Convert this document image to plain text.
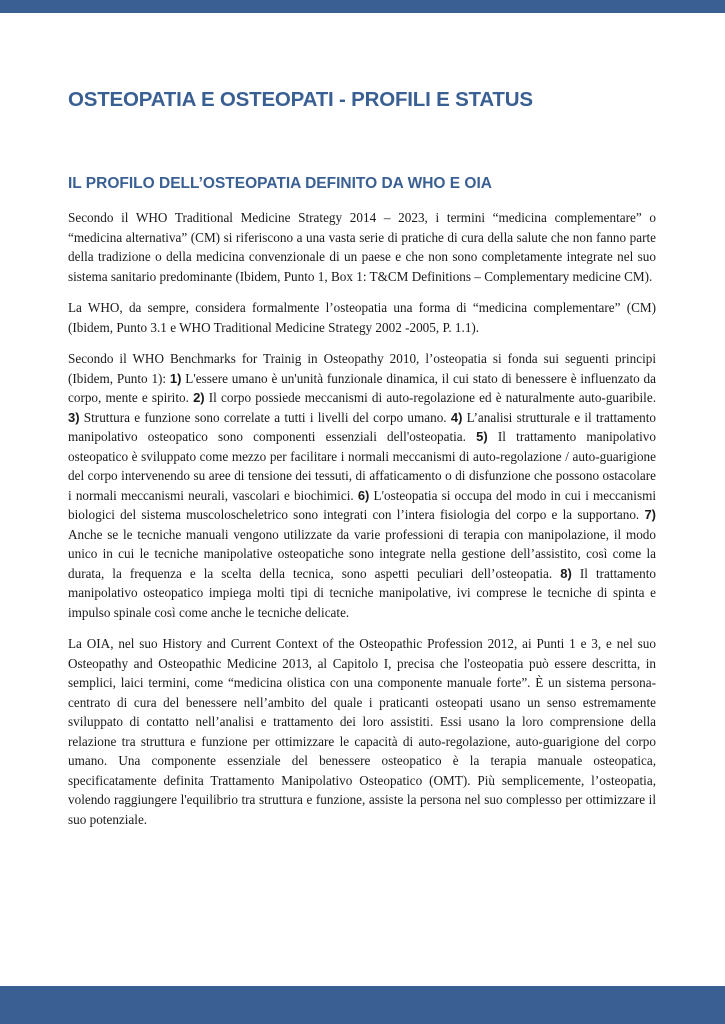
OSTEOPATIA E OSTEOPATI - PROFILI E STATUS
IL PROFILO DELL’OSTEOPATIA DEFINITO DA WHO E OIA

Secondo il WHO Traditional Medicine Strategy 2014 – 2023, i termini “medicina complementare” o “medicina alternativa” (CM) si riferiscono a una vasta serie di pratiche di cura della salute che non fanno parte della tradizione o della medicina convenzionale di un paese e che non sono completamente integrate nel suo sistema sanitario predominante (Ibidem, Punto 1, Box 1: T&CM Definitions – Complementary medicine CM).

La WHO, da sempre, considera formalmente l’osteopatia una forma di “medicina complementare” (CM) (Ibidem, Punto 3.1 e WHO Traditional Medicine Strategy 2002 -2005, P. 1.1).

Secondo il WHO Benchmarks for Trainig in Osteopathy 2010, l’osteopatia si fonda sui seguenti principi (Ibidem, Punto 1): 1) L'essere umano è un'unità funzionale dinamica, il cui stato di benessere è influenzato da corpo, mente e spirito. 2) Il corpo possiede meccanismi di auto-regolazione ed è naturalmente auto-guaribile. 3) Struttura e funzione sono correlate a tutti i livelli del corpo umano. 4) L’analisi strutturale e il trattamento manipolativo osteopatico sono componenti essenziali dell'osteopatia. 5) Il trattamento manipolativo osteopatico è sviluppato come mezzo per facilitare i normali meccanismi di auto-regolazione / auto-guarigione del corpo intervenendo su aree di tensione dei tessuti, di affaticamento o di disfunzione che possono ostacolare i normali meccanismi neurali, vascolari e biochimici. 6) L'osteopatia si occupa del modo in cui i meccanismi biologici del sistema muscoloscheletrico sono integrati con l’intera fisiologia del corpo e la supportano. 7) Anche se le tecniche manuali vengono utilizzate da varie professioni di terapia con manipolazione, il modo unico in cui le tecniche manipolative osteopatiche sono integrate nella gestione dell’assistito, così come la durata, la frequenza e la scelta della tecnica, sono aspetti peculiari dell’osteopatia. 8) Il trattamento manipolativo osteopatico impiega molti tipi di tecniche manipolative, ivi comprese le tecniche di spinta e impulso spinale così come anche le tecniche delicate.

La OIA, nel suo History and Current Context of the Osteopathic Profession 2012, ai Punti 1 e 3, e nel suo Osteopathy and Osteopathic Medicine 2013, al Capitolo I, precisa che l'osteopatia può essere descritta, in semplici, laici termini, come “medicina olistica con una componente manuale forte”. È un sistema persona-centrato di cura del benessere nell’ambito del quale i praticanti osteopati usano un senso estremamente sviluppato di contatto nell’analisi e trattamento dei loro assistiti. Essi usano la loro comprensione della relazione tra struttura e funzione per ottimizzare le capacità di auto-regolazione, auto-guarigione del corpo umano. Una componente essenziale del benessere osteopatico è la terapia manuale osteopatica, specificatamente definita Trattamento Manipolativo Osteopatico (OMT). Più semplicemente, l’osteopatia, volendo raggiungere l'equilibrio tra struttura e funzione, assiste la persona nel suo complesso per ottimizzare il suo potenziale.
